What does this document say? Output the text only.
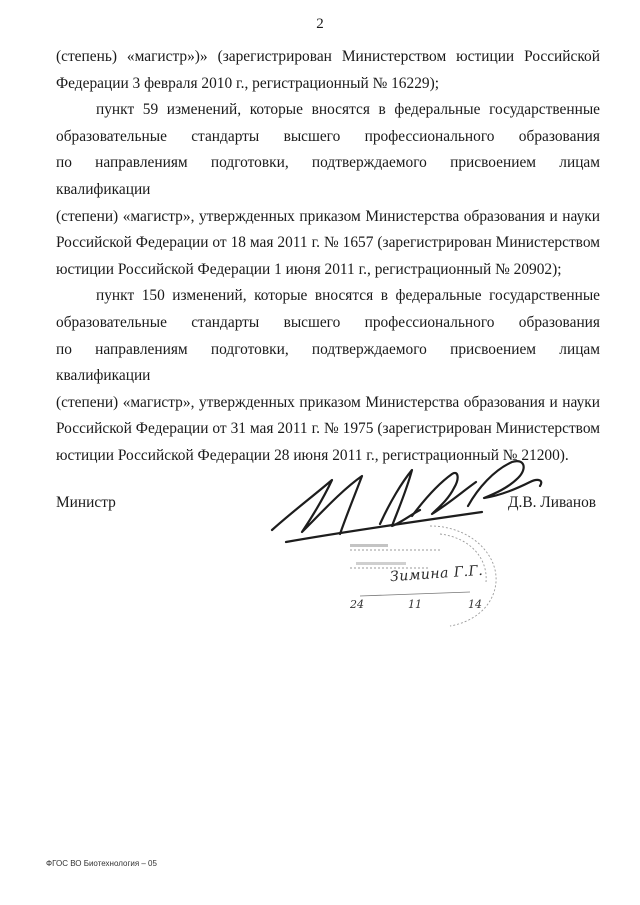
2
(степень) «магистр»)» (зарегистрирован Министерством юстиции Российской
Федерации 3 февраля 2010 г., регистрационный № 16229);
пункт 59 изменений, которые вносятся в федеральные государственные
образовательные стандарты высшего профессионального образования
по направлениям подготовки, подтверждаемого присвоением лицам квалификации
(степени) «магистр», утвержденных приказом Министерства образования и науки
Российской Федерации от 18 мая 2011 г. № 1657 (зарегистрирован Министерством
юстиции Российской Федерации 1 июня 2011 г., регистрационный № 20902);
пункт 150 изменений, которые вносятся в федеральные государственные
образовательные стандарты высшего профессионального образования
по направлениям подготовки, подтверждаемого присвоением лицам квалификации
(степени) «магистр», утвержденных приказом Министерства образования и науки
Российской Федерации от 31 мая 2011 г. № 1975 (зарегистрирован Министерством
юстиции Российской Федерации 28 июня 2011 г., регистрационный № 21200).
Министр	Д.В. Ливанов
Зимина Г.Г.
24	11	14
ФГОС ВО Биотехнология – 05
